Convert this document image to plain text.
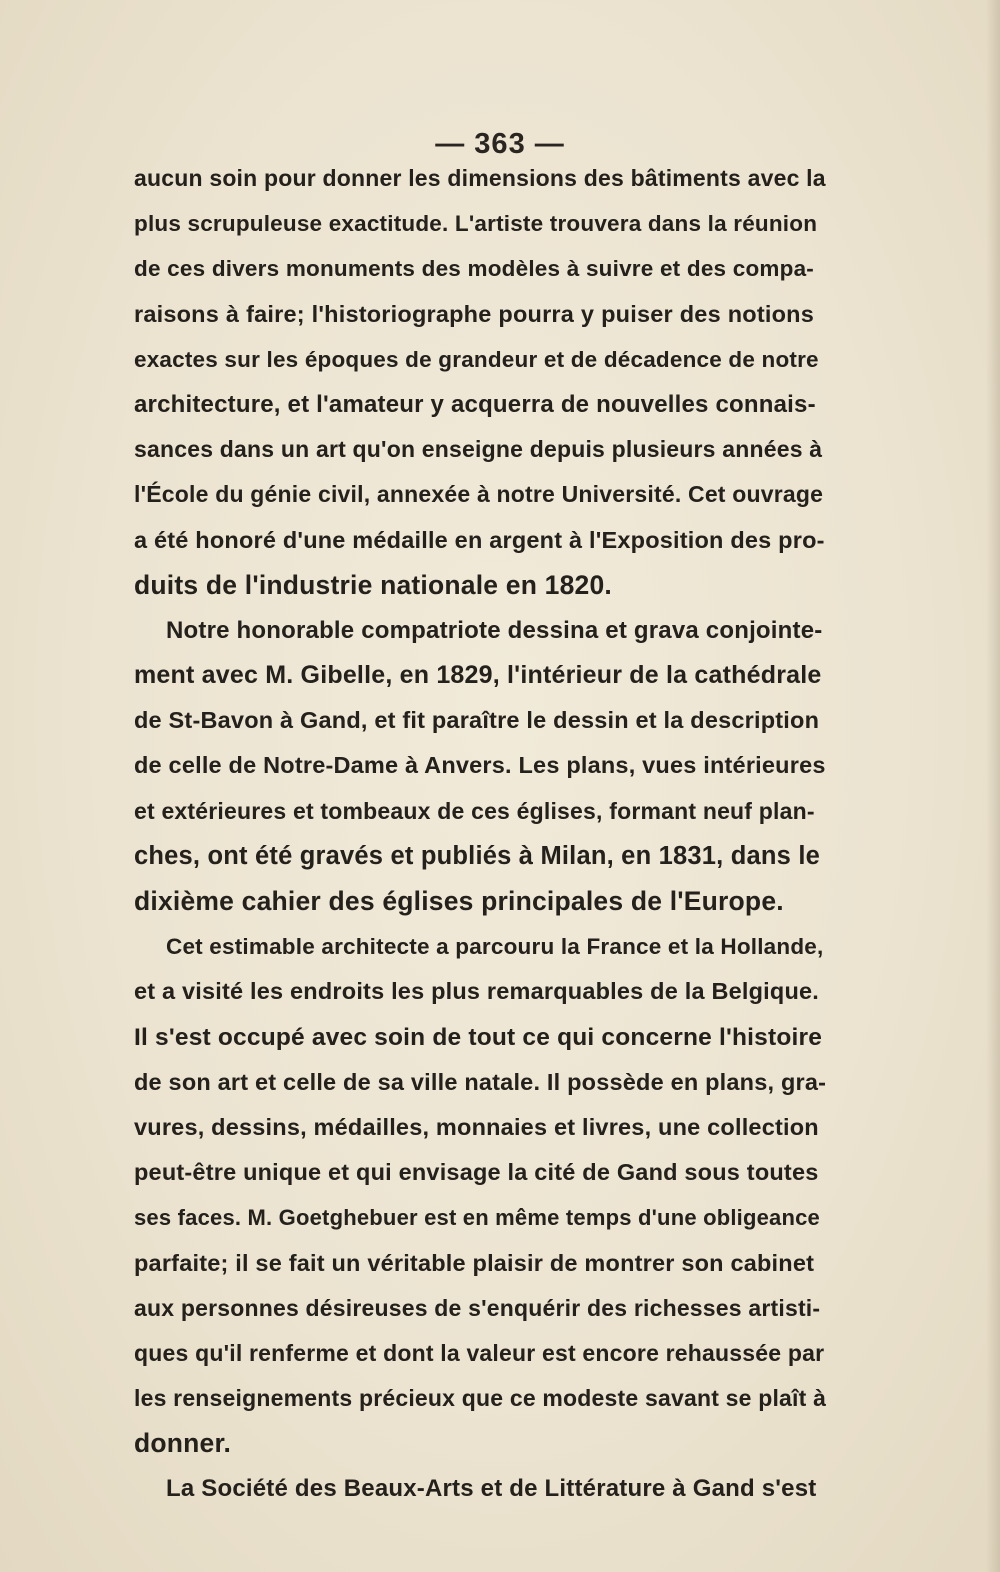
— 363 —
aucun soin pour donner les dimensions des bâtiments avec la
plus scrupuleuse exactitude. L'artiste trouvera dans la réunion
de ces divers monuments des modèles à suivre et des compa-
raisons à faire; l'historiographe pourra y puiser des notions
exactes sur les époques de grandeur et de décadence de notre
architecture, et l'amateur y acquerra de nouvelles connais-
sances dans un art qu'on enseigne depuis plusieurs années à
l'École du génie civil, annexée à notre Université. Cet ouvrage
a été honoré d'une médaille en argent à l'Exposition des pro-
duits de l'industrie nationale en 1820.
Notre honorable compatriote dessina et grava conjointe-
ment avec M. Gibelle, en 1829, l'intérieur de la cathédrale
de St-Bavon à Gand, et fit paraître le dessin et la description
de celle de Notre-Dame à Anvers. Les plans, vues intérieures
et extérieures et tombeaux de ces églises, formant neuf plan-
ches, ont été gravés et publiés à Milan, en 1831, dans le
dixième cahier des églises principales de l'Europe.
Cet estimable architecte a parcouru la France et la Hollande,
et a visité les endroits les plus remarquables de la Belgique.
Il s'est occupé avec soin de tout ce qui concerne l'histoire
de son art et celle de sa ville natale. Il possède en plans, gra-
vures, dessins, médailles, monnaies et livres, une collection
peut-être unique et qui envisage la cité de Gand sous toutes
ses faces. M. Goetghebuer est en même temps d'une obligeance
parfaite; il se fait un véritable plaisir de montrer son cabinet
aux personnes désireuses de s'enquérir des richesses artisti-
ques qu'il renferme et dont la valeur est encore rehaussée par
les renseignements précieux que ce modeste savant se plaît à
donner.
La Société des Beaux-Arts et de Littérature à Gand s'est
